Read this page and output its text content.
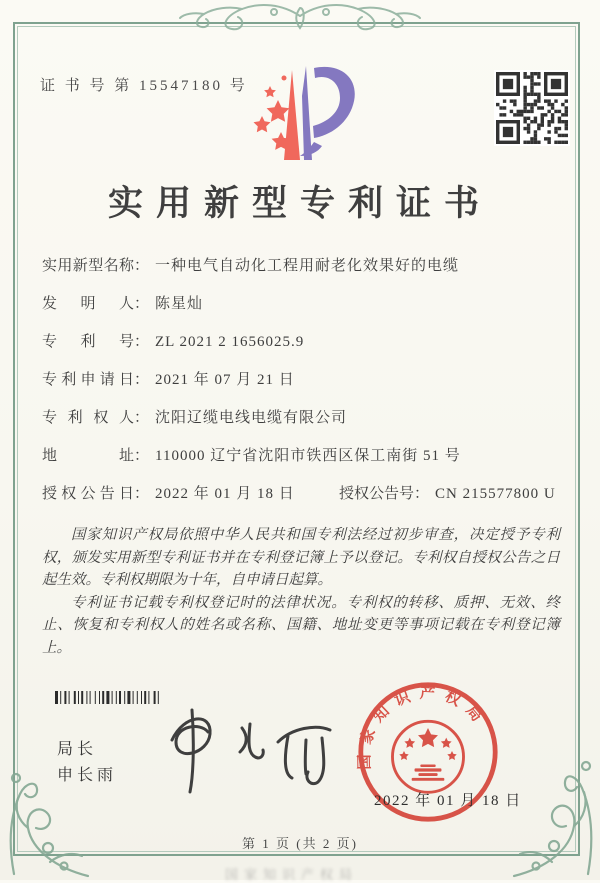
证 书 号 第 15547180 号
实用新型专利证书
实用新型名称： 一种电气自动化工程用耐老化效果好的电缆
发明人： 陈星灿
专利号： ZL 2021 2 1656025.9
专利申请日： 2021 年 07 月 21 日
专利权人： 沈阳辽缆电线电缆有限公司
地址： 110000 辽宁省沈阳市铁西区保工南街 51 号
授权公告日： 2022 年 01 月 18 日	授权公告号： CN 215577800 U

国家知识产权局依照中华人民共和国专利法经过初步审查，决定授予专利权，颁发实用新型专利证书并在专利登记簿上予以登记。专利权自授权公告之日起生效。专利权期限为十年，自申请日起算。

专利证书记载专利权登记时的法律状况。专利权的转移、质押、无效、终止、恢复和专利权人的姓名或名称、国籍、地址变更等事项记载在专利登记簿上。

局长
申长雨
国家知识产权局
2022 年 01 月 18 日
第 1 页 (共 2 页)
国家知识产权局
